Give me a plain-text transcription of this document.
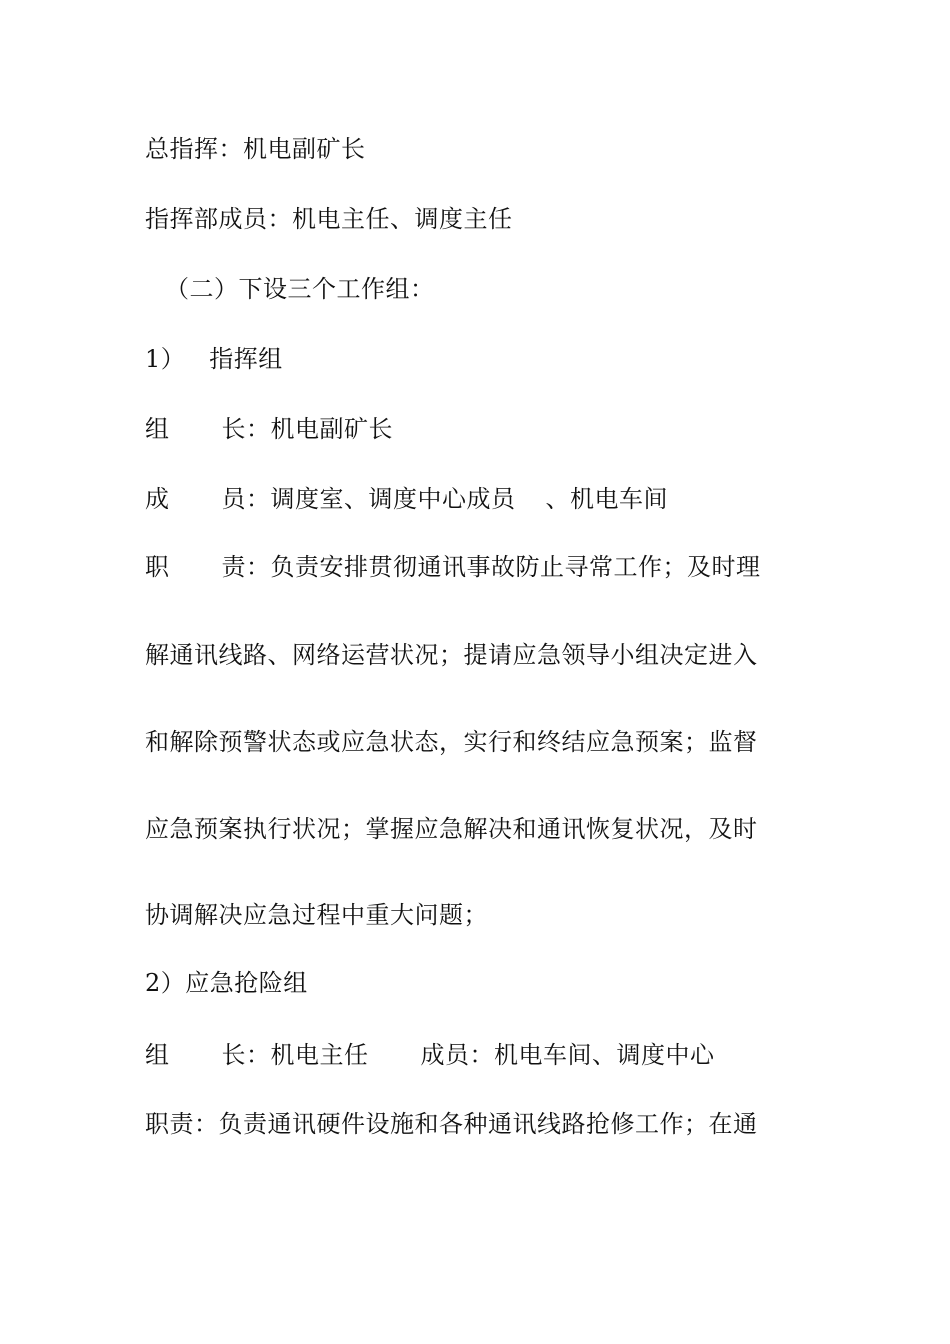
总指挥：机电副矿长
指挥部成员：机电主任、调度主任
（二）下设三个工作组：
1） 指挥组
组 长：机电副矿长
成 员：调度室、调度中心成员 、机电车间
职 责：负责安排贯彻通讯事故防止寻常工作；及时理
解通讯线路、网络运营状况；提请应急领导小组决定进入
和解除预警状态或应急状态，实行和终结应急预案；监督
应急预案执行状况；掌握应急解决和通讯恢复状况，及时
协调解决应急过程中重大问题；
2）应急抢险组
组 长：机电主任 成员：机电车间、调度中心
职责：负责通讯硬件设施和各种通讯线路抢修工作；在通
